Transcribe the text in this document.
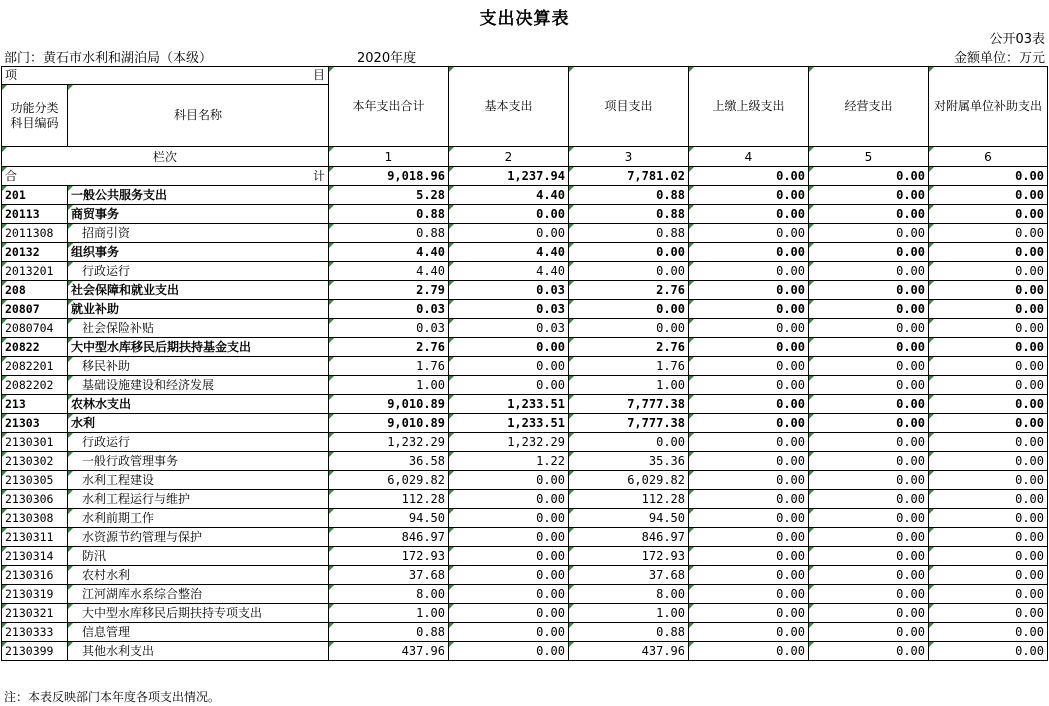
支出决算表
公开03表
部门：黄石市水利和湖泊局（本级）	2020年度	金额单位：万元
项 目		本年支出合计	基本支出	项目支出	上缴上级支出	经营支出	对附属单位补助支出
功能分类科目编码	科目名称						
栏次		1	2	3	4	5	6

合 计		9,018.96	1,237.94	7,781.02	0.00	0.00	0.00
201	一般公共服务支出	5.28	4.40	0.88	0.00	0.00	0.00
20113	商贸事务	0.88	0.00	0.88	0.00	0.00	0.00
2011308	招商引资	0.88	0.00	0.88	0.00	0.00	0.00
20132	组织事务	4.40	4.40	0.00	0.00	0.00	0.00
2013201	行政运行	4.40	4.40	0.00	0.00	0.00	0.00
208	社会保障和就业支出	2.79	0.03	2.76	0.00	0.00	0.00
20807	就业补助	0.03	0.03	0.00	0.00	0.00	0.00
2080704	社会保险补贴	0.03	0.03	0.00	0.00	0.00	0.00
20822	大中型水库移民后期扶持基金支出	2.76	0.00	2.76	0.00	0.00	0.00
2082201	移民补助	1.76	0.00	1.76	0.00	0.00	0.00
2082202	基础设施建设和经济发展	1.00	0.00	1.00	0.00	0.00	0.00
213	农林水支出	9,010.89	1,233.51	7,777.38	0.00	0.00	0.00
21303	水利	9,010.89	1,233.51	7,777.38	0.00	0.00	0.00
2130301	行政运行	1,232.29	1,232.29	0.00	0.00	0.00	0.00
2130302	一般行政管理事务	36.58	1.22	35.36	0.00	0.00	0.00
2130305	水利工程建设	6,029.82	0.00	6,029.82	0.00	0.00	0.00
2130306	水利工程运行与维护	112.28	0.00	112.28	0.00	0.00	0.00
2130308	水利前期工作	94.50	0.00	94.50	0.00	0.00	0.00
2130311	水资源节约管理与保护	846.97	0.00	846.97	0.00	0.00	0.00
2130314	防汛	172.93	0.00	172.93	0.00	0.00	0.00
2130316	农村水利	37.68	0.00	37.68	0.00	0.00	0.00
2130319	江河湖库水系综合整治	8.00	0.00	8.00	0.00	0.00	0.00
2130321	大中型水库移民后期扶持专项支出	1.00	0.00	1.00	0.00	0.00	0.00
2130333	信息管理	0.88	0.00	0.88	0.00	0.00	0.00
2130399	其他水利支出	437.96	0.00	437.96	0.00	0.00	0.00
注：本表反映部门本年度各项支出情况。
